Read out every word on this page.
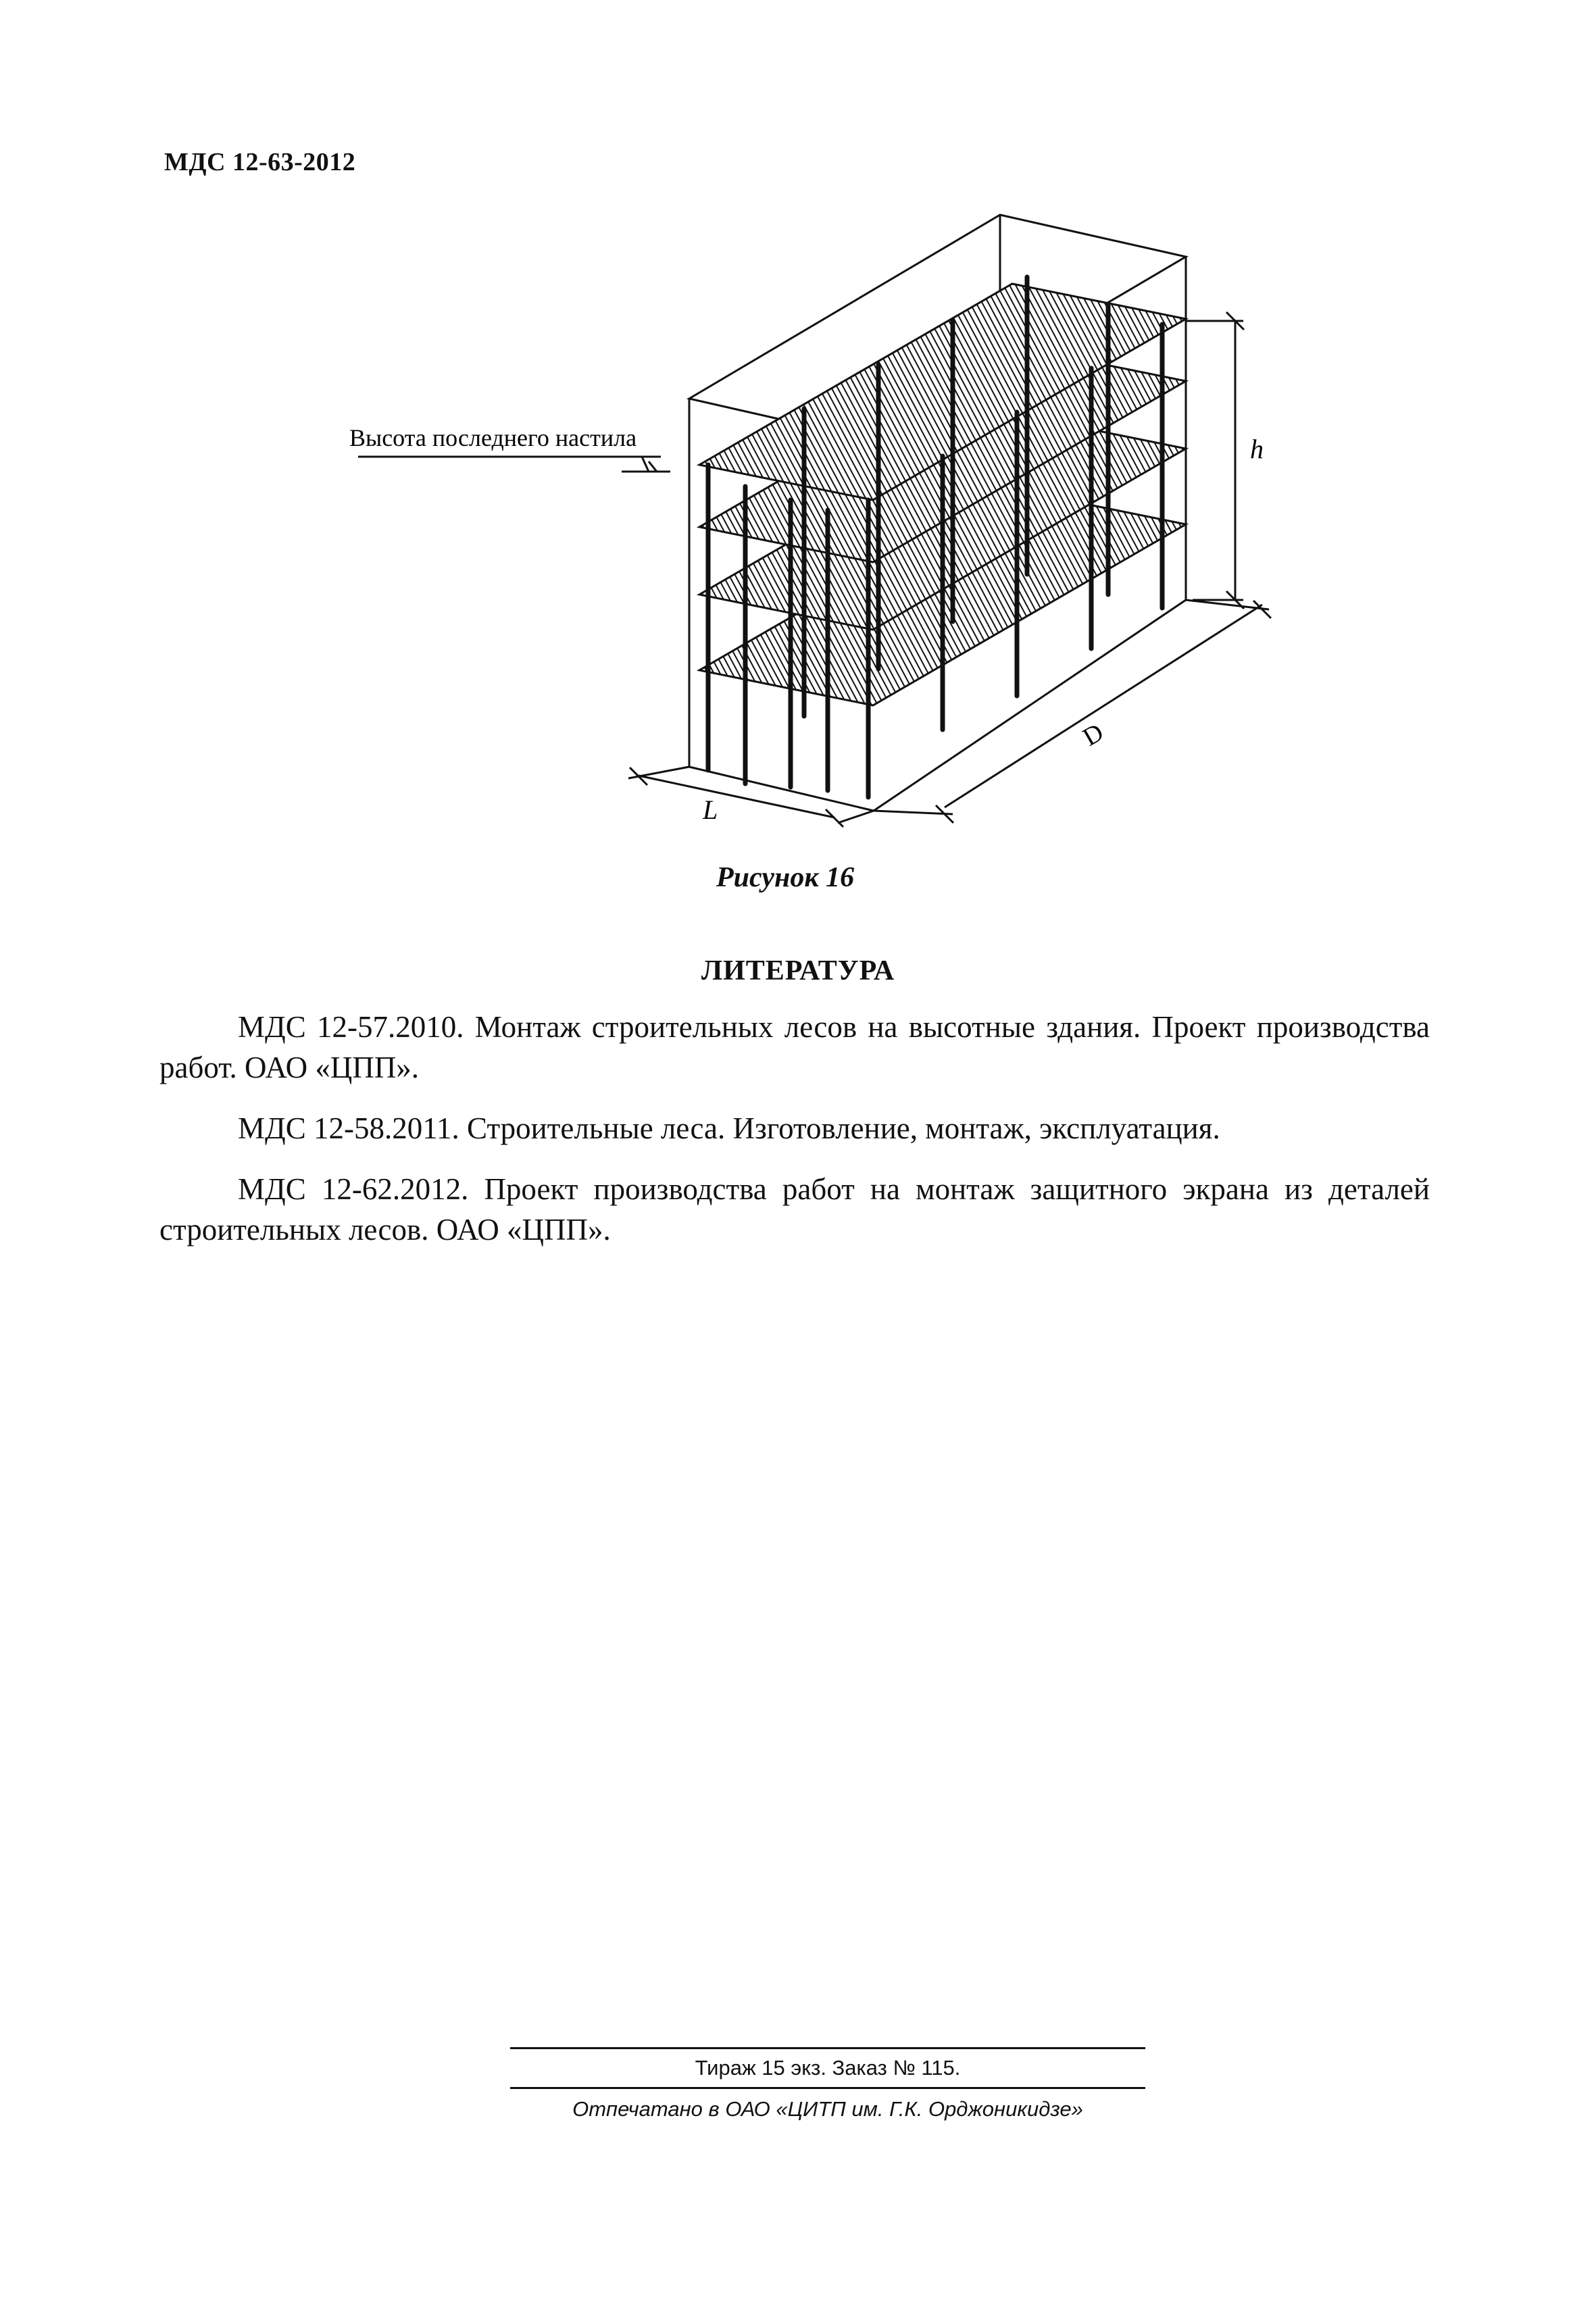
МДС 12-63-2012
h
D
L
Высота последнего настила
Рисунок 16
ЛИТЕРАТУРА

МДС 12-57.2010. Монтаж строительных лесов на высотные здания. Проект производства работ. ОАО «ЦПП».

МДС 12-58.2011. Строительные леса. Изготовление, монтаж, эксплуатация.

МДС 12-62.2012. Проект производства работ на монтаж защитного экрана из деталей строительных лесов. ОАО «ЦПП».

Тираж 15 экз. Заказ № 115.
Отпечатано в ОАО «ЦИТП им. Г.К. Орджоникидзе»
